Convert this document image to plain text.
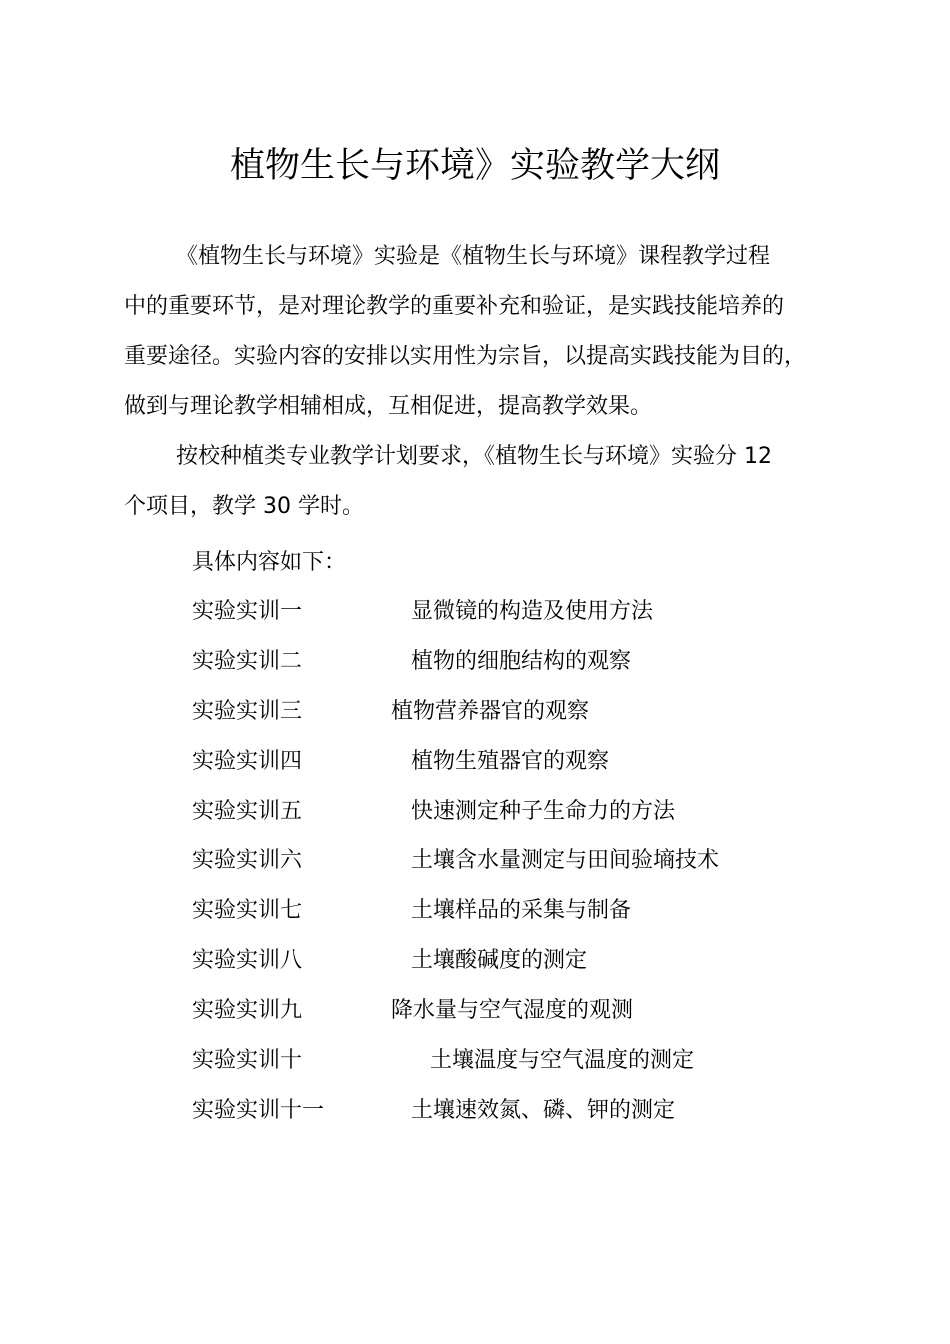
植物生长与环境》实验教学大纲

《植物生长与环境》实验是《植物生长与环境》课程教学过程

中的重要环节，是对理论教学的重要补充和验证，是实践技能培养的

重要途径。实验内容的安排以实用性为宗旨，以提高实践技能为目的，

做到与理论教学相辅相成，互相促进，提高教学效果。

按校种植类专业教学计划要求，《植物生长与环境》实验分 12

个项目，教学 30 学时。

具体内容如下：

实验实训一	显微镜的构造及使用方法
实验实训二	植物的细胞结构的观察
实验实训三	植物营养器官的观察
实验实训四	植物生殖器官的观察
实验实训五	快速测定种子生命力的方法
实验实训六	土壤含水量测定与田间验墒技术
实验实训七	土壤样品的采集与制备
实验实训八	土壤酸碱度的测定
实验实训九	降水量与空气湿度的观测
实验实训十	土壤温度与空气温度的测定
实验实训十一	土壤速效氮、磷、钾的测定
